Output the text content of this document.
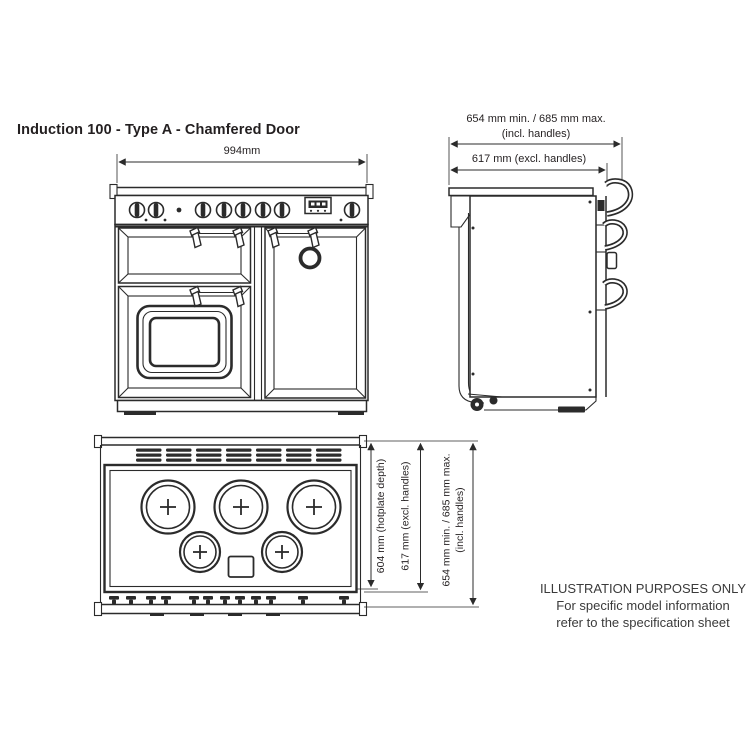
Induction 100 - Type A - Chamfered Door
994mm
654 mm min. / 685 mm max.
(incl. handles)
617 mm (excl. handles)
604 mm (hotplate depth) 617 mm (excl. handles)	654 mm min. / 685 mm max. (incl. handles)
ILLUSTRATION PURPOSES ONLY
For specific model information
refer to the specification sheet
